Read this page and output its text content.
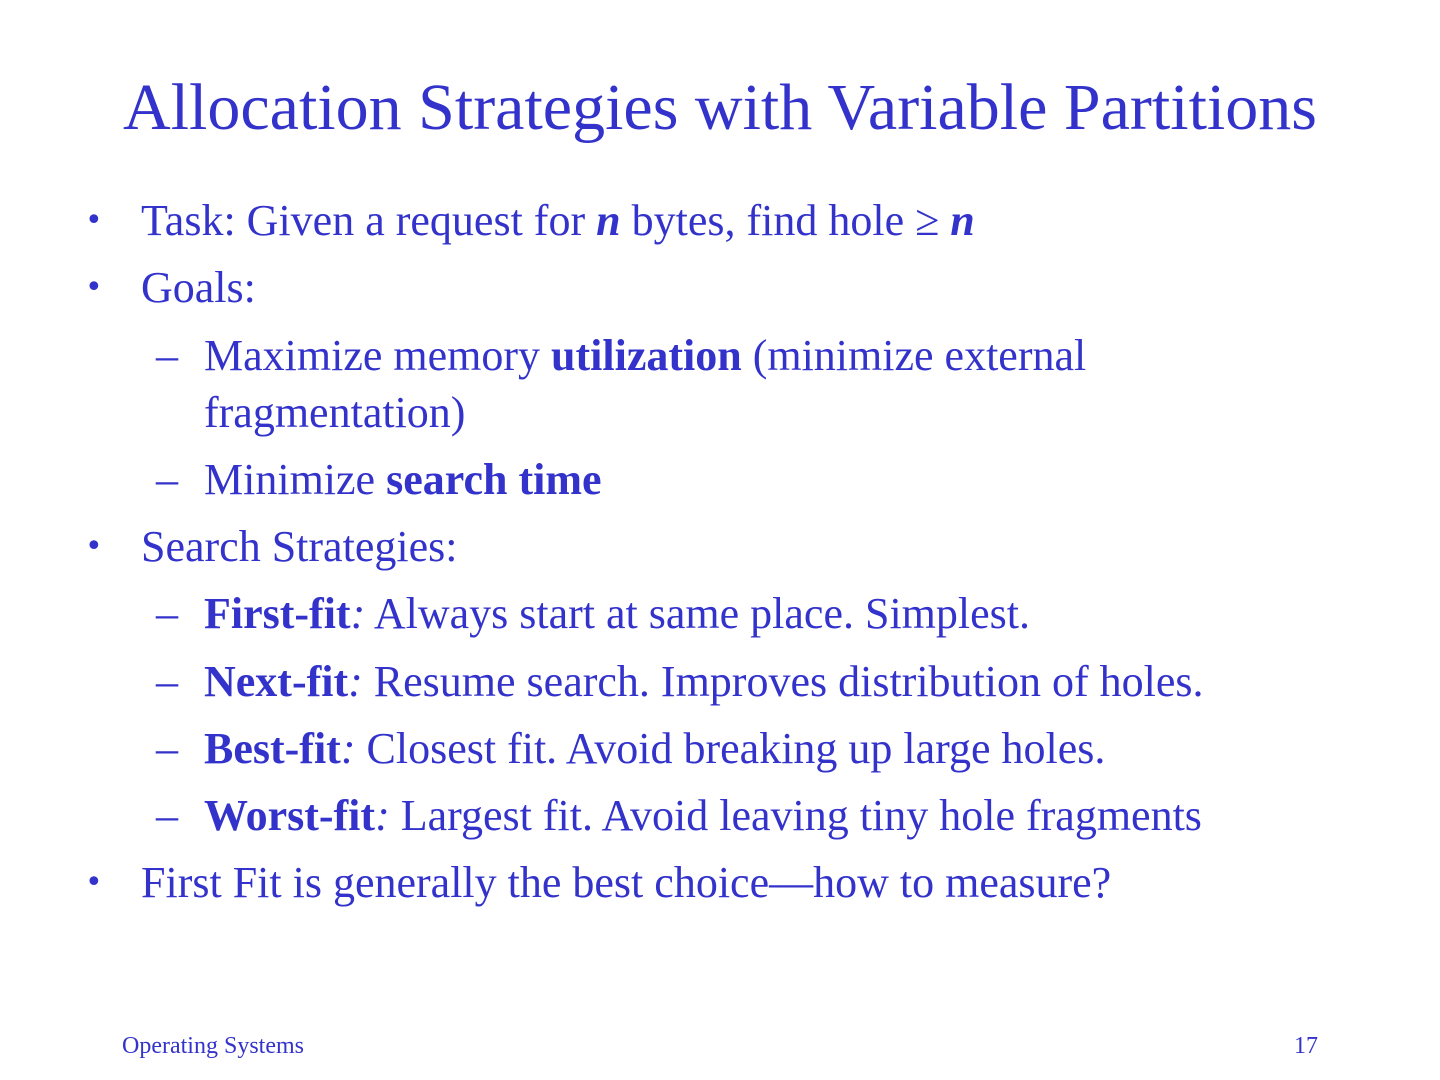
Allocation Strategies with Variable Partitions
• Task: Given a request for n bytes, find hole ≥ n
• Goals:
– Maximize memory utilization (minimize external
fragmentation)
– Minimize search time
• Search Strategies:
– First-fit: Always start at same place. Simplest.
– Next-fit: Resume search. Improves distribution of holes.
– Best-fit: Closest fit. Avoid breaking up large holes.
– Worst-fit: Largest fit. Avoid leaving tiny hole fragments
• First Fit is generally the best choice—how to measure?
Operating Systems	17
